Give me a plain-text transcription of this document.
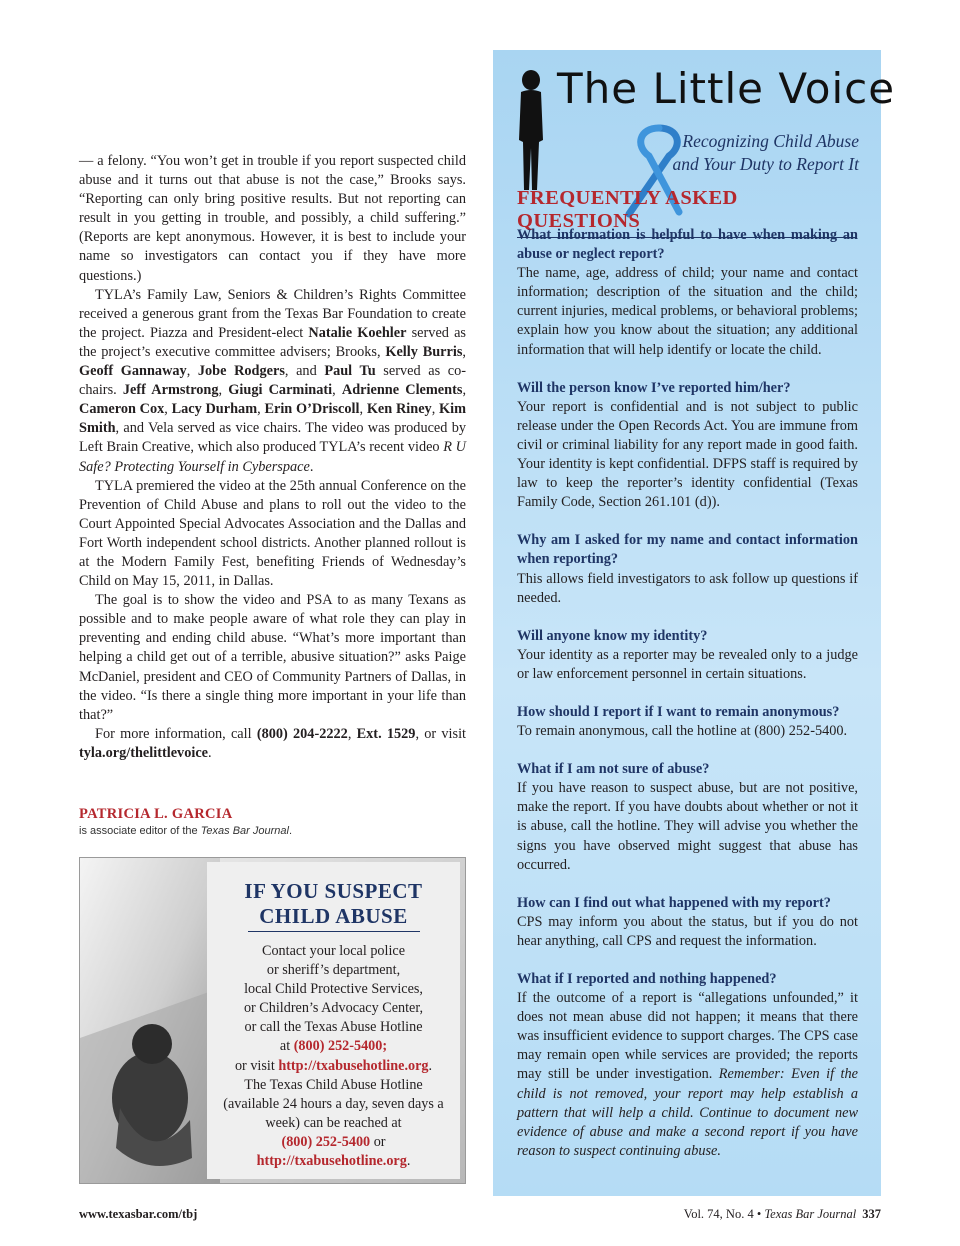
— a felony. “You won’t get in trouble if you report suspected child abuse and it turns out that abuse is not the case,” Brooks says. “Reporting can only bring positive results. But not reporting can result in you getting in trouble, and possibly, a child suffering.” (Reports are kept anonymous. However, it is best to include your name so investigators can contact you if they have more questions.)

TYLA’s Family Law, Seniors & Children’s Rights Committee received a generous grant from the Texas Bar Foundation to create the project. Piazza and President-elect Natalie Koehler served as the project’s executive committee advisers; Brooks, Kelly Burris, Geoff Gannaway, Jobe Rodgers, and Paul Tu served as co-chairs. Jeff Armstrong, Giugi Carminati, Adrienne Clements, Cameron Cox, Lacy Durham, Erin O’Driscoll, Ken Riney, Kim Smith, and Vela served as vice chairs. The video was produced by Left Brain Creative, which also produced TYLA’s recent video R U Safe? Protecting Yourself in Cyberspace.

TYLA premiered the video at the 25th annual Conference on the Prevention of Child Abuse and plans to roll out the video to the Court Appointed Special Advocates Association and the Dallas and Fort Worth independent school districts. Another planned rollout is at the Modern Family Fest, benefiting Friends of Wednesday’s Child on May 15, 2011, in Dallas.

The goal is to show the video and PSA to as many Texans as possible and to make people aware of what role they can play in preventing and ending child abuse. “What’s more important than helping a child get out of a terrible, abusive situation?” asks Paige McDaniel, president and CEO of Community Partners of Dallas, in the video. “Is there a single thing more important in your life than that?”

For more information, call (800) 204-2222, Ext. 1529, or visit tyla.org/thelittlevoice.

PATRICIA L. GARCIA
is associate editor of the Texas Bar Journal.
IF YOU SUSPECT
CHILD ABUSE
Contact your local police
or sheriff’s department,
local Child Protective Services,
or Children’s Advocacy Center,
or call the Texas Abuse Hotline
at (800) 252-5400;
or visit http://txabusehotline.org.
The Texas Child Abuse Hotline
(available 24 hours a day, seven days a
week) can be reached at
(800) 252-5400 or
http://txabusehotline.org.
The Little Voice
Recognizing Child Abuse
and Your Duty to Report It
FREQUENTLY ASKED QUESTIONS
What information is helpful to have when making an abuse or neglect report?
The name, age, address of child; your name and contact information; description of the situation and the child; current injuries, medical problems, or behavioral problems; explain how you know about the situation; any additional information that will help identify or locate the child.
Will the person know I’ve reported him/her?
Your report is confidential and is not subject to public release under the Open Records Act. You are immune from civil or criminal liability for any report made in good faith. Your identity is kept confidential. DFPS staff is required by law to keep the reporter’s identity confidential (Texas Family Code, Section 261.101 (d)).
Why am I asked for my name and contact information when reporting?
This allows field investigators to ask follow up questions if needed.
Will anyone know my identity?
Your identity as a reporter may be revealed only to a judge or law enforcement personnel in certain situations.
How should I report if I want to remain anonymous?
To remain anonymous, call the hotline at (800) 252-5400.
What if I am not sure of abuse?
If you have reason to suspect abuse, but are not positive, make the report. If you have doubts about whether or not it is abuse, call the hotline. They will advise you whether the signs you have observed might suggest that abuse has occurred.
How can I find out what happened with my report?
CPS may inform you about the status, but if you do not hear anything, call CPS and request the information.
What if I reported and nothing happened?
If the outcome of a report is “allegations unfounded,” it does not mean abuse did not happen; it means that there was insufficient evidence to support charges. The CPS case may remain open while services are provided; the reports may still be under investigation. Remember: Even if the child is not removed, your report may help establish a pattern that will help a child. Continue to document new evidence of abuse and make a second report if you have reason to suspect continuing abuse.
www.texasbar.com/tbj	Vol. 74, No. 4 • Texas Bar Journal 337
